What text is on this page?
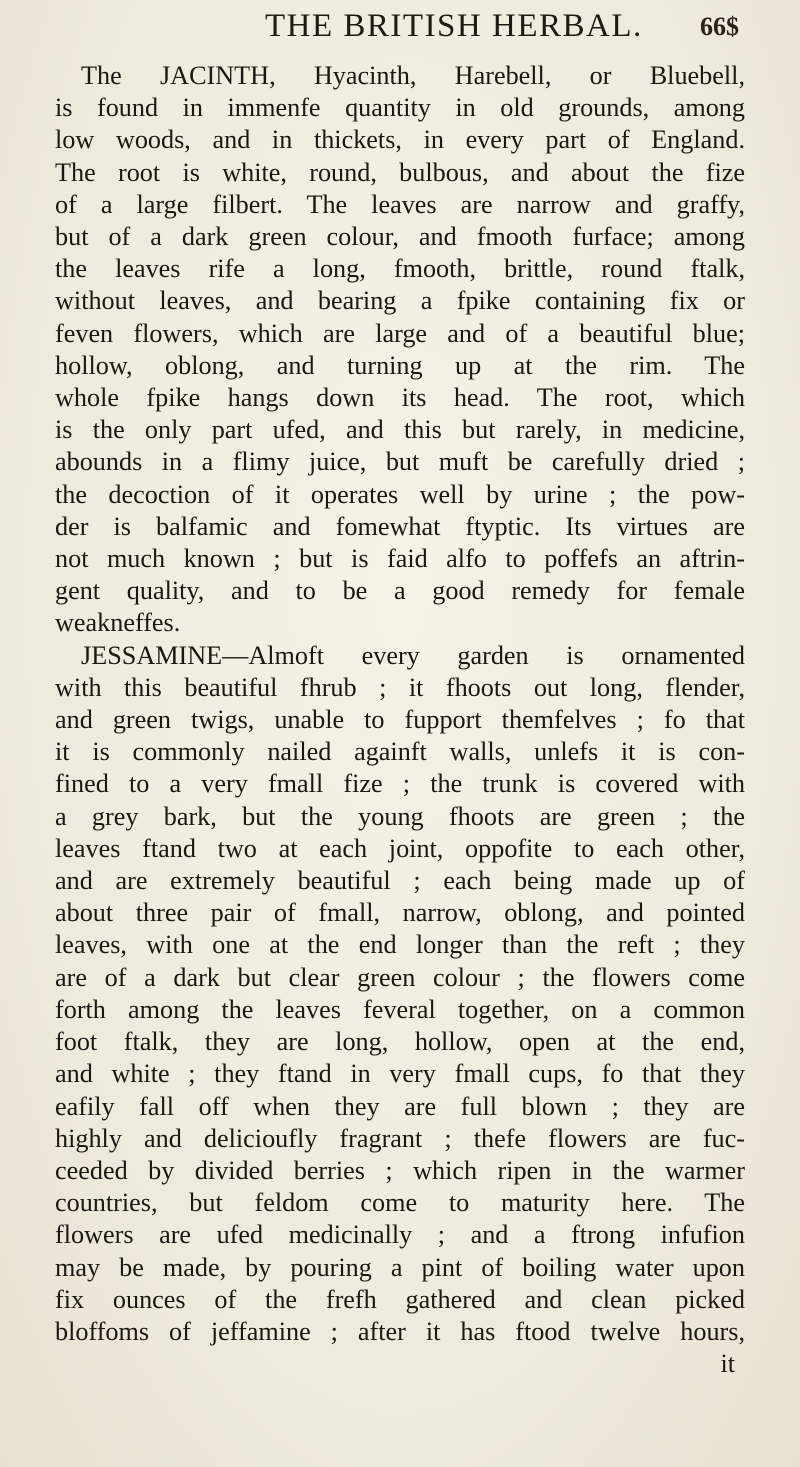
THE BRITISH HERBAL. 66$
The JACINTH, Hyacinth, Harebell, or Bluebell,
is found in immenfe quantity in old grounds, among
low woods, and in thickets, in every part of England.
The root is white, round, bulbous, and about the fize
of a large filbert. The leaves are narrow and graffy,
but of a dark green colour, and fmooth furface; among
the leaves rife a long, fmooth, brittle, round ftalk,
without leaves, and bearing a fpike containing fix or
feven flowers, which are large and of a beautiful blue;
hollow, oblong, and turning up at the rim. The
whole fpike hangs down its head. The root, which
is the only part ufed, and this but rarely, in medicine,
abounds in a flimy juice, but muft be carefully dried ;
the decoction of it operates well by urine ; the pow-
der is balfamic and fomewhat ftyptic. Its virtues are
not much known ; but is faid alfo to poffefs an aftrin-
gent quality, and to be a good remedy for female
weakneffes.
JESSAMINE—Almoft every garden is ornamented
with this beautiful fhrub ; it fhoots out long, flender,
and green twigs, unable to fupport themfelves ; fo that
it is commonly nailed againft walls, unlefs it is con-
fined to a very fmall fize ; the trunk is covered with
a grey bark, but the young fhoots are green ; the
leaves ftand two at each joint, oppofite to each other,
and are extremely beautiful ; each being made up of
about three pair of fmall, narrow, oblong, and pointed
leaves, with one at the end longer than the reft ; they
are of a dark but clear green colour ; the flowers come
forth among the leaves feveral together, on a common
foot ftalk, they are long, hollow, open at the end,
and white ; they ftand in very fmall cups, fo that they
eafily fall off when they are full blown ; they are
highly and delicioufly fragrant ; thefe flowers are fuc-
ceeded by divided berries ; which ripen in the warmer
countries, but feldom come to maturity here. The
flowers are ufed medicinally ; and a ftrong infufion
may be made, by pouring a pint of boiling water upon
fix ounces of the frefh gathered and clean picked
bloffoms of jeffamine ; after it has ftood twelve hours,
it
